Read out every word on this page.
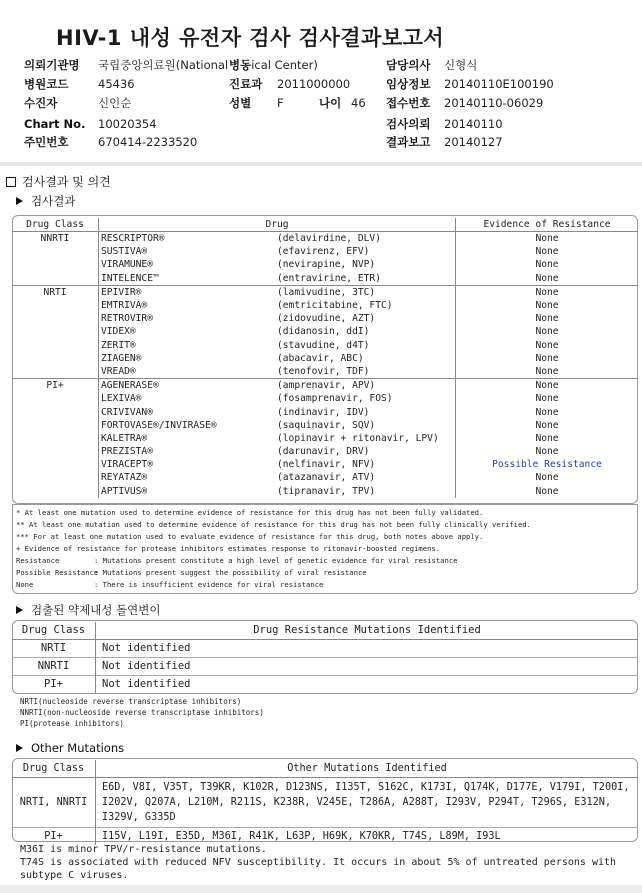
HIV-1 내성 유전자 검사 검사결과보고서
의뢰기관명 국립중앙의료원(National
병원코드	45436
수진자	신인순
Chart No. 10020354
주민번호	670414-2233520
병동ical Center)
진료과 2011000000
성별 F	나이 46
담당의사 신형식
임상정보 20140110E100190
접수번호 20140110-06029
검사의뢰 20140110
결과보고 20140127
검사결과 및 의견
검사결과
Drug Class	Drug		Evidence of Resistance
NNRTI	RESCRIPTOR®	(delavirdine, DLV)	None
	SUSTIVA®	(efavirenz, EFV)	None
	VIRAMUNE®	(nevirapine, NVP)	None
	INTELENCE™	(entravirine, ETR)	None
NRTI	EPIVIR®	(lamivudine, 3TC)	None
	EMTRIVA®	(emtricitabine, FTC)	None
	RETROVIR®	(zidovudine, AZT)	None
	VIDEX®	(didanosin, ddI)	None
	ZERIT®	(stavudine, d4T)	None
	ZIAGEN®	(abacavir, ABC)	None
	VREAD®	(tenofovir, TDF)	None
PI+	AGENERASE®	(amprenavir, APV)	None
	LEXIVA®	(fosamprenavir, FOS)	None
	CRIVIVAN®	(indinavir, IDV)	None
	FORTOVASE®/INVIRASE®	(saquinavir, SQV)	None
	KALETRA®	(lopinavir + ritonavir, LPV)	None
	PREZISTA®	(darunavir, DRV)	None
	VIRACEPT®	(nelfinavir, NFV)	Possible Resistance
	REYATAZ®	(atazanavir, ATV)	None
	APTIVUS®	(tipranavir, TPV)	None
* At least one mutation used to determine evidence of resistance for this drug has not been fully validated.
** At least one mutation used to determine evidence of resistance for this drug has not been fully clinically verified.
*** For at least one mutation used to evaluate evidence of resistance for this drug, both notes above apply.
+ Evidence of resistance for protease inhibitors estimates response to ritonavir-boosted regimens.
Resistance	: Mutations present constitute a high level of genetic evidence for viral resistance
Possible Resistance: Mutations present suggest the possibility of viral resistance
None	: There is insufficient evidence for viral resistance
검출된 약제내성 돌연변이
Drug Class	Drug Resistance Mutations Identified
NRTI	Not identified
NNRTI	Not identified
PI+	Not identified
NRTI(nucleoside reverse transcriptase inhibitors)
NNRTI(non-nucleoside reverse transcriptase inhibitors)
PI(protease inhibitors)
Other Mutations
Drug Class	Other Mutations Identified
NRTI, NNRTI	E6D, V8I, V35T, T39KR, K102R, D123NS, I135T, S162C, K173I, Q174K, D177E, V179I, T200I, I202V, Q207A, L210M, R211S, K238R, V245E, T286A, A288T, I293V, P294T, T296S, E312N, I329V, G335D
PI+	I15V, L19I, E35D, M36I, R41K, L63P, H69K, K70KR, T74S, L89M, I93L
M36I is minor TPV/r-resistance mutations.
T74S is associated with reduced NFV susceptibility. It occurs in about 5% of untreated persons with
subtype C viruses.
